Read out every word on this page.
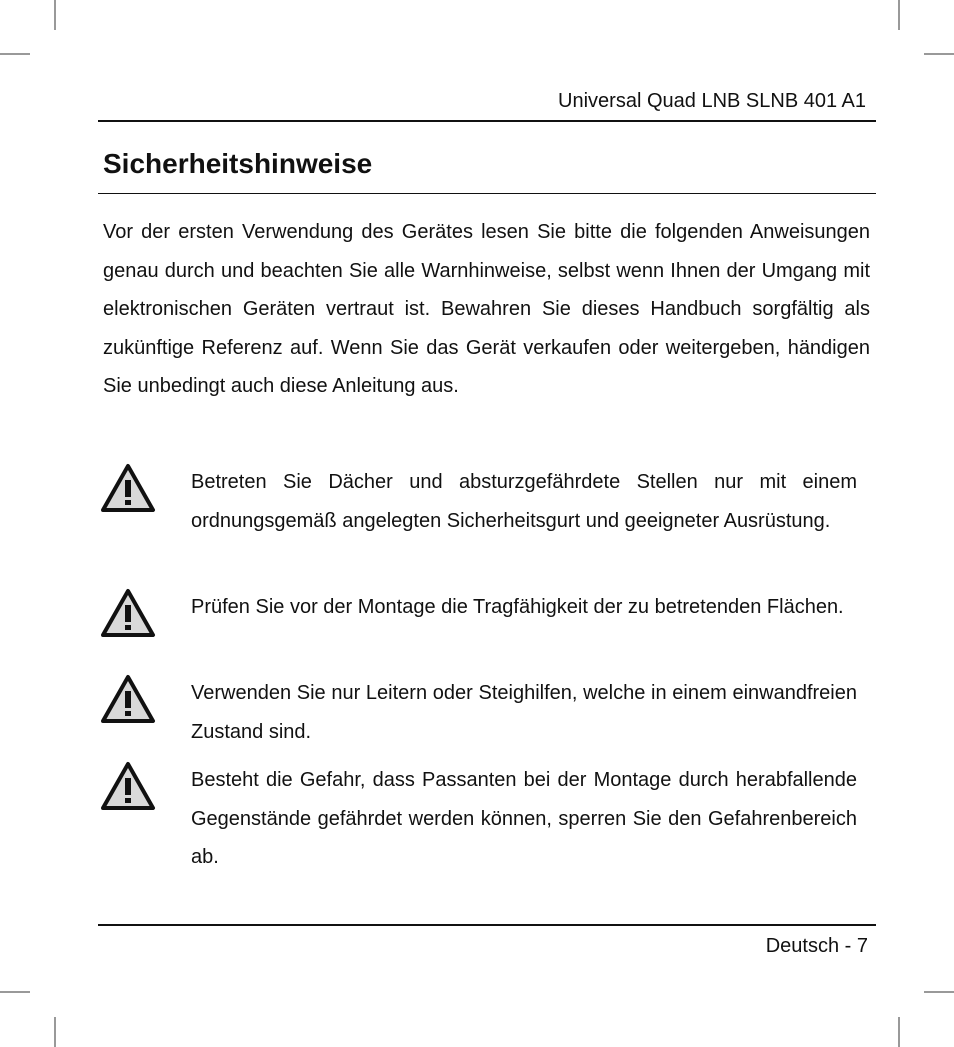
Universal Quad LNB SLNB 401 A1
Sicherheitshinweise

Vor der ersten Verwendung des Gerätes lesen Sie bitte die folgenden Anweisungen genau durch und beachten Sie alle Warnhinweise, selbst wenn Ihnen der Umgang mit elektronischen Geräten vertraut ist. Bewahren Sie dieses Handbuch sorgfältig als zukünftige Referenz auf. Wenn Sie das Gerät verkaufen oder weitergeben, händigen Sie unbedingt auch diese Anleitung aus.

Betreten Sie Dächer und absturzgefährdete Stellen nur mit einem ordnungsgemäß angelegten Sicherheitsgurt und geeigneter Ausrüstung.

Prüfen Sie vor der Montage die Tragfähigkeit der zu betretenden Flächen.

Verwenden Sie nur Leitern oder Steighilfen, welche in einem einwandfreien Zustand sind.

Besteht die Gefahr, dass Passanten bei der Montage durch herabfallende Gegenstände gefährdet werden können, sperren Sie den Gefahrenbereich ab.

Deutsch - 7
